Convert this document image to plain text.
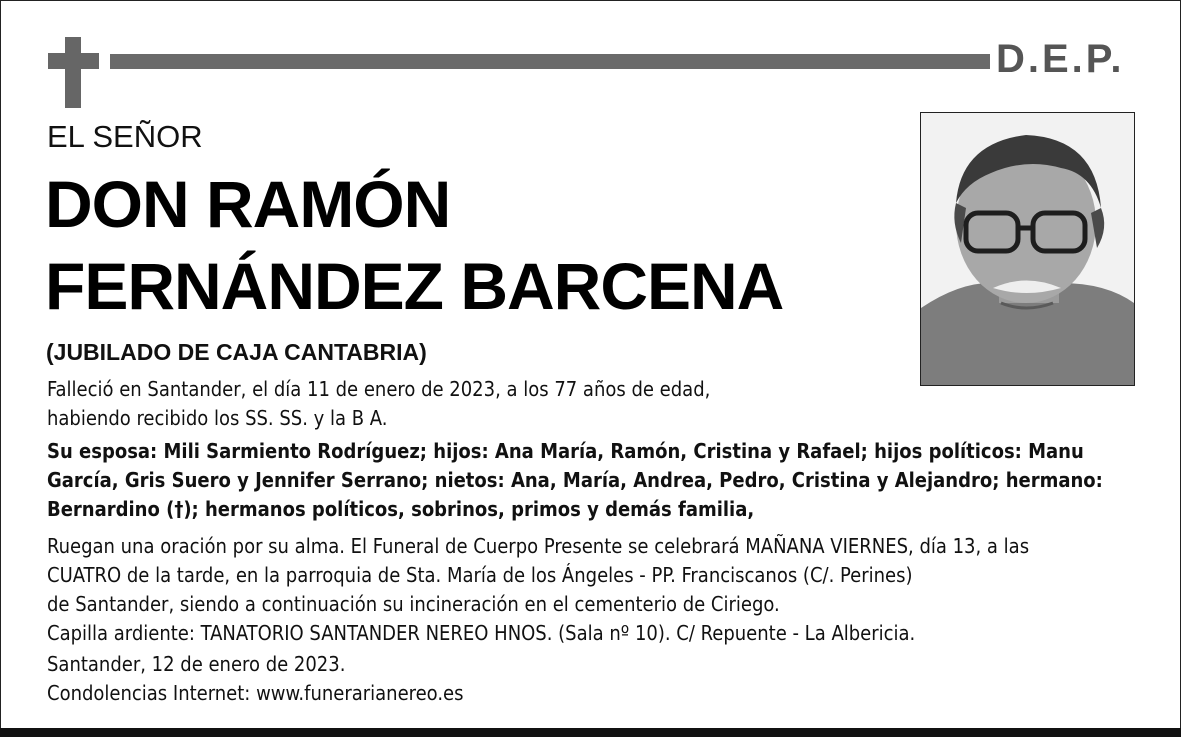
D.E.P.
EL SEÑOR
DON RAMÓN
FERNÁNDEZ BARCENA
(JUBILADO DE CAJA CANTABRIA)
Falleció en Santander, el día 11 de enero de 2023, a los 77 años de edad,
habiendo recibido los SS. SS. y la B A.
Su esposa: Mili Sarmiento Rodríguez; hijos: Ana María, Ramón, Cristina y Rafael; hijos políticos: Manu
García, Gris Suero y Jennifer Serrano; nietos: Ana, María, Andrea, Pedro, Cristina y Alejandro; hermano:
Bernardino (†); hermanos políticos, sobrinos, primos y demás familia,
Ruegan una oración por su alma. El Funeral de Cuerpo Presente se celebrará MAÑANA VIERNES, día 13, a las
CUATRO de la tarde, en la parroquia de Sta. María de los Ángeles - PP. Franciscanos (C/. Perines)
de Santander, siendo a continuación su incineración en el cementerio de Ciriego.
Capilla ardiente: TANATORIO SANTANDER NEREO HNOS. (Sala nº 10). C/ Repuente - La Albericia.
Santander, 12 de enero de 2023.
Condolencias Internet: www.funerarianereo.es
